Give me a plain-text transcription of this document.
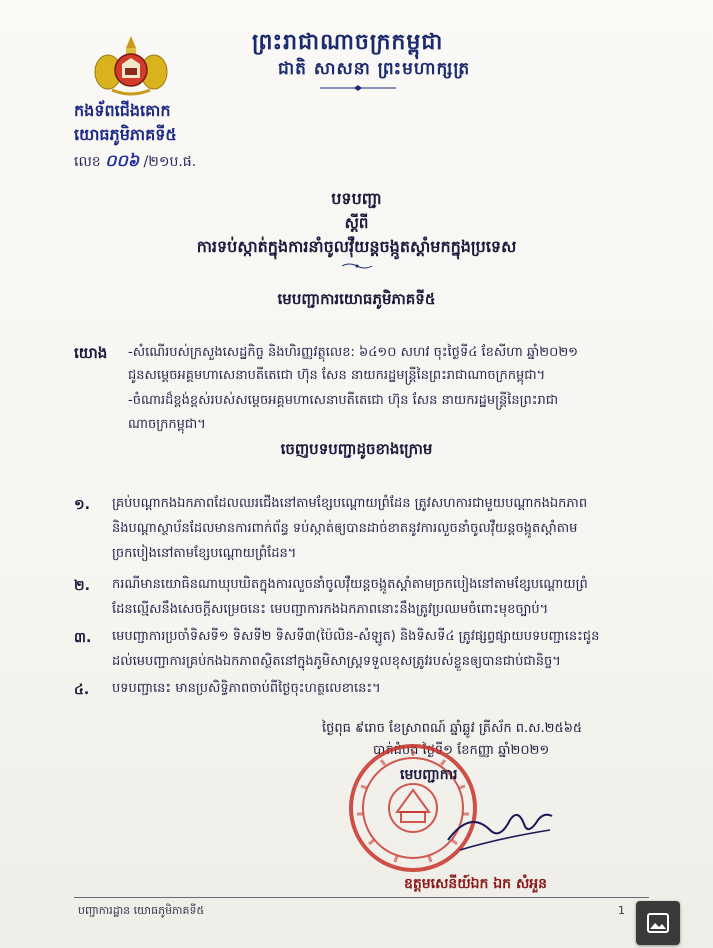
ព្រះរាជាណាចក្រកម្ពុជា
ជាតិ សាសនា ព្រះមហាក្សត្រ
កងទ័ពជើងគោក
យោធភូមិភាគទី៥
លេខ ០០៦ /២១ប.ផ.
បទបញ្ជា
ស្តីពី
ការទប់ស្កាត់ក្នុងការនាំចូលវ៉ឺយន្តចង្កូតស្តាំមកក្នុងប្រទេស
មេបញ្ជាការយោធភូមិភាគទី៥
យោង -សំណើរបស់ក្រសួងសេដ្ឋកិច្ច និងហិរញ្ញវត្ថុលេខ: ៦៤១០ សហវ ចុះថ្ងៃទី៤ ខែសីហា ឆ្នាំ២០២១
ជូនសម្តេចអគ្គមហាសេនាបតីតេជោ ហ៊ុន សែន នាយករដ្ឋមន្ត្រីនៃព្រះរាជាណាចក្រកម្ពុជា។
-ចំណារដ៏ខ្ពង់ខ្ពស់របស់សម្តេចអគ្គមហាសេនាបតីតេជោ ហ៊ុន សែន នាយករដ្ឋមន្ត្រីនៃព្រះរាជា
ណាចក្រកម្ពុជា។
ចេញបទបញ្ជាដូចខាងក្រោម
១. គ្រប់បណ្តាកងឯកភាពដែលឈរជើងនៅតាមខ្សែបណ្តោយព្រំដែន ត្រូវសហការជាមួយបណ្តាកងឯកភាព
និងបណ្តាស្ថាប័នដែលមានការពាក់ព័ន្ធ ទប់ស្កាត់ឲ្យបានដាច់ខាតនូវការលួចនាំចូលវ៉ឺយន្តចង្កូតស្តាំតាម
ច្រកបៀងនៅតាមខ្សែបណ្តោយព្រំដែន។
២. ករណីមានយោធិនណាឃុបឃិតក្នុងការលួចនាំចូលវ៉ឺយន្តចង្កូតស្តាំតាមច្រកបៀងនៅតាមខ្សែបណ្តោយព្រំ
ដែនល្មើសនឹងសេចក្តីសម្រេចនេះ មេបញ្ជាការកងឯកភាពនោះនឹងត្រូវប្រឈមចំពោះមុខច្បាប់។
៣. មេបញ្ជាការប្រចាំទិសទី១ ទិសទី២ ទិសទី៣(ប៉ៃលិន-សំឡូត) និងទិសទី៤ ត្រូវផ្សព្វផ្សាយបទបញ្ជានេះជូន
ដល់មេបញ្ជាការគ្រប់កងឯកភាពស្ថិតនៅក្នុងភូមិសាស្ត្រទទួលខុសត្រូវរបស់ខ្លួនឲ្យបានជាប់ជានិច្ច។
៤. បទបញ្ជានេះ មានប្រសិទ្ធិភាពចាប់ពីថ្ងៃចុះហត្ថលេខានេះ។
ថ្ងៃពុធ ៩រោច ខែស្រាពណ៍ ឆ្នាំឆ្លូវ ត្រីស័ក ព.ស.២៥៦៥
បាត់ដំបង ថ្ងៃទី១ ខែកញ្ញា ឆ្នាំ២០២១
មេបញ្ជាការ
ឧត្តមសេនីយ៍ឯក ឯក សំអួន
បញ្ជាការដ្ឋាន យោធភូមិភាគទី៥	1
